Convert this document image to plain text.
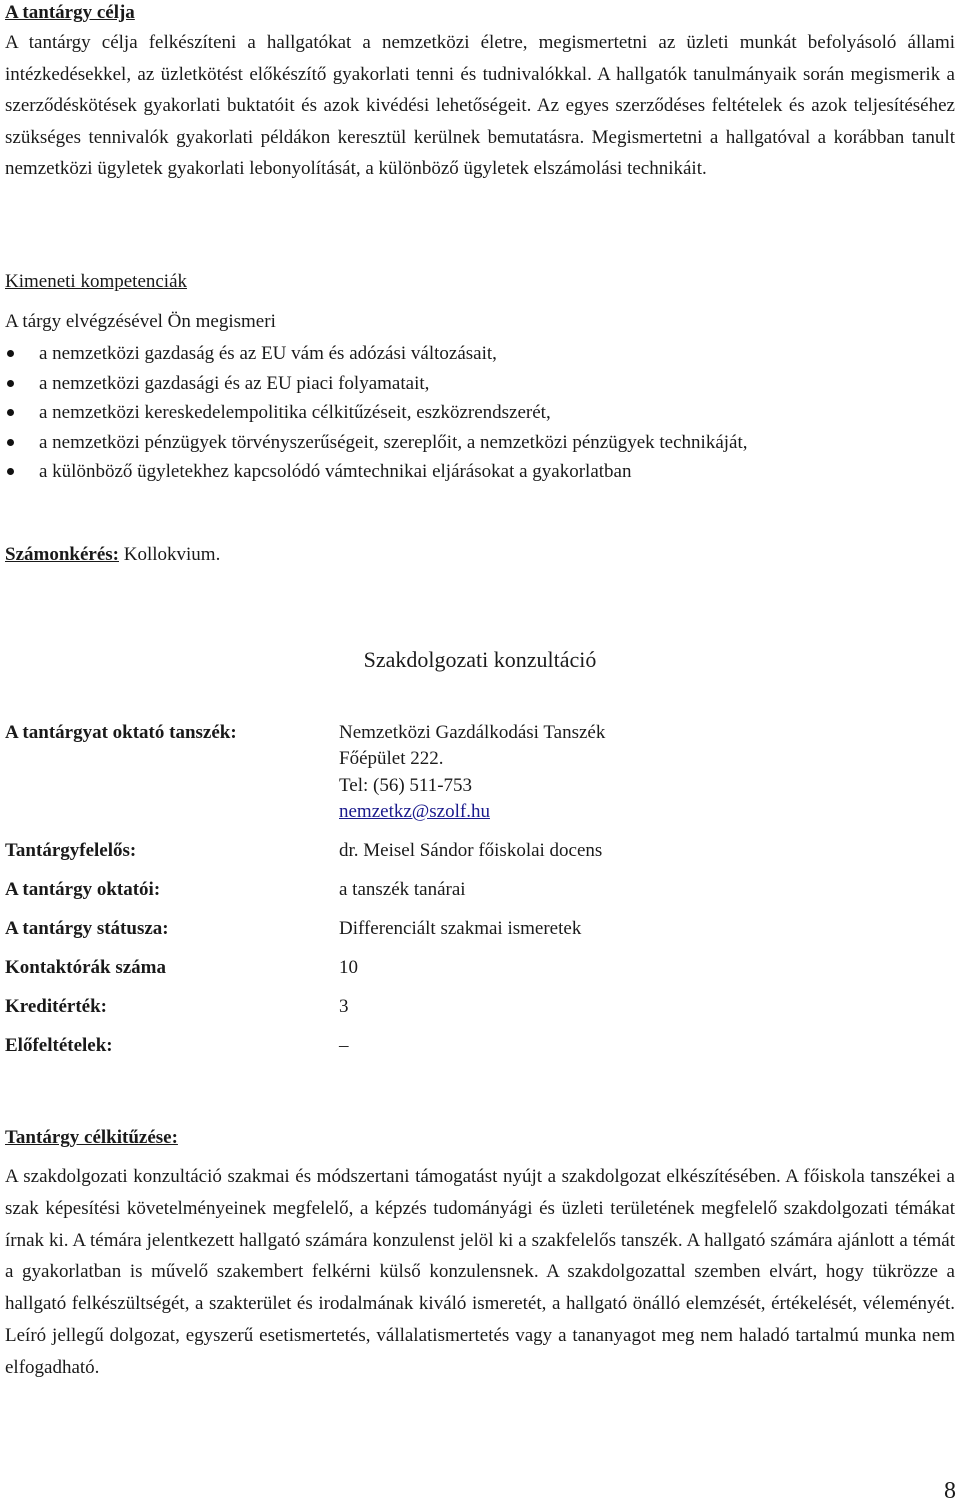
A tantárgy célja

A tantárgy célja felkészíteni a hallgatókat a nemzetközi életre, megismertetni az üzleti munkát befolyásoló állami intézkedésekkel, az üzletkötést előkészítő gyakorlati tenni és tudnivalókkal. A hallgatók tanulmányaik során megismerik a szerződéskötések gyakorlati buktatóit és azok kivédési lehetőségeit. Az egyes szerződéses feltételek és azok teljesítéséhez szükséges tennivalók gyakorlati példákon keresztül kerülnek bemutatásra. Megismertetni a hallgatóval a korábban tanult nemzetközi ügyletek gyakorlati lebonyolítását, a különböző ügyletek elszámolási technikáit.

Kimeneti kompetenciák
A tárgy elvégzésével Ön megismeri
a nemzetközi gazdaság és az EU vám és adózási változásait,
a nemzetközi gazdasági és az EU piaci folyamatait,
a nemzetközi kereskedelempolitika célkitűzéseit, eszközrendszerét,
a nemzetközi pénzügyek törvényszerűségeit, szereplőit, a nemzetközi pénzügyek technikáját,
a különböző ügyletekhez kapcsolódó vámtechnikai eljárásokat a gyakorlatban
Számonkérés: Kollokvium.
Szakdolgozati konzultáció
A tantárgyat oktató tanszék:	Nemzetközi Gazdálkodási Tanszék
Főépület 222.
Tel: (56) 511-753
nemzetkz@szolf.hu
Tantárgyfelelős:	dr. Meisel Sándor főiskolai docens
A tantárgy oktatói:	a tanszék tanárai
A tantárgy státusza:	Differenciált szakmai ismeretek
Kontaktórák száma	10
Kreditérték:	3
Előfeltételek:	–
Tantárgy célkitűzése:

A szakdolgozati konzultáció szakmai és módszertani támogatást nyújt a szakdolgozat elkészítésében. A főiskola tanszékei a szak képesítési követelményeinek megfelelő, a képzés tudományági és üzleti területének megfelelő szakdolgozati témákat írnak ki. A témára jelentkezett hallgató számára konzulenst jelöl ki a szakfelelős tanszék. A hallgató számára ajánlott a témát a gyakorlatban is művelő szakembert felkérni külső konzulensnek. A szakdolgozattal szemben elvárt, hogy tükrözze a hallgató felkészültségét, a szakterület és irodalmának kiváló ismeretét, a hallgató önálló elemzését, értékelését, véleményét. Leíró jellegű dolgozat, egyszerű esetismertetés, vállalatismertetés vagy a tananyagot meg nem haladó tartalmú munka nem elfogadható.

8
